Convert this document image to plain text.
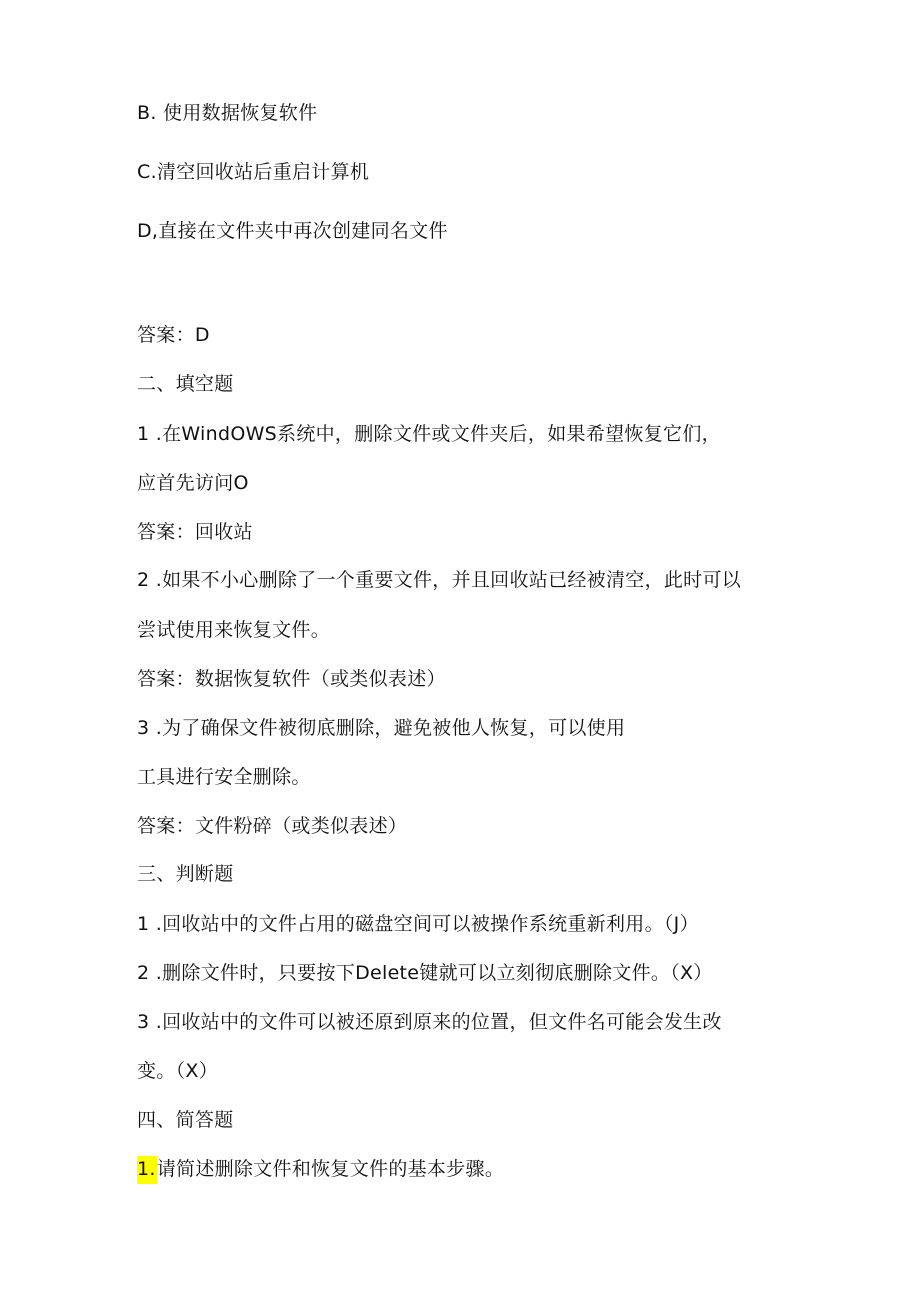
B. 使用数据恢复软件
C.清空回收站后重启计算机
D,直接在文件夹中再次创建同名文件
答案：D
二、填空题
1 .在WindOWS系统中，删除文件或文件夹后，如果希望恢复它们，
应首先访问O
答案：回收站
2 .如果不小心删除了一个重要文件，并且回收站已经被清空，此时可以
尝试使用来恢复文件。
答案：数据恢复软件（或类似表述）
3 .为了确保文件被彻底删除，避免被他人恢复，可以使用
工具进行安全删除。
答案：文件粉碎（或类似表述）
三、判断题
1 .回收站中的文件占用的磁盘空间可以被操作系统重新利用。（J）
2 .删除文件时，只要按下Delete键就可以立刻彻底删除文件。（X）
3 .回收站中的文件可以被还原到原来的位置，但文件名可能会发生改
变。（X）
四、简答题
1.请简述删除文件和恢复文件的基本步骤。
